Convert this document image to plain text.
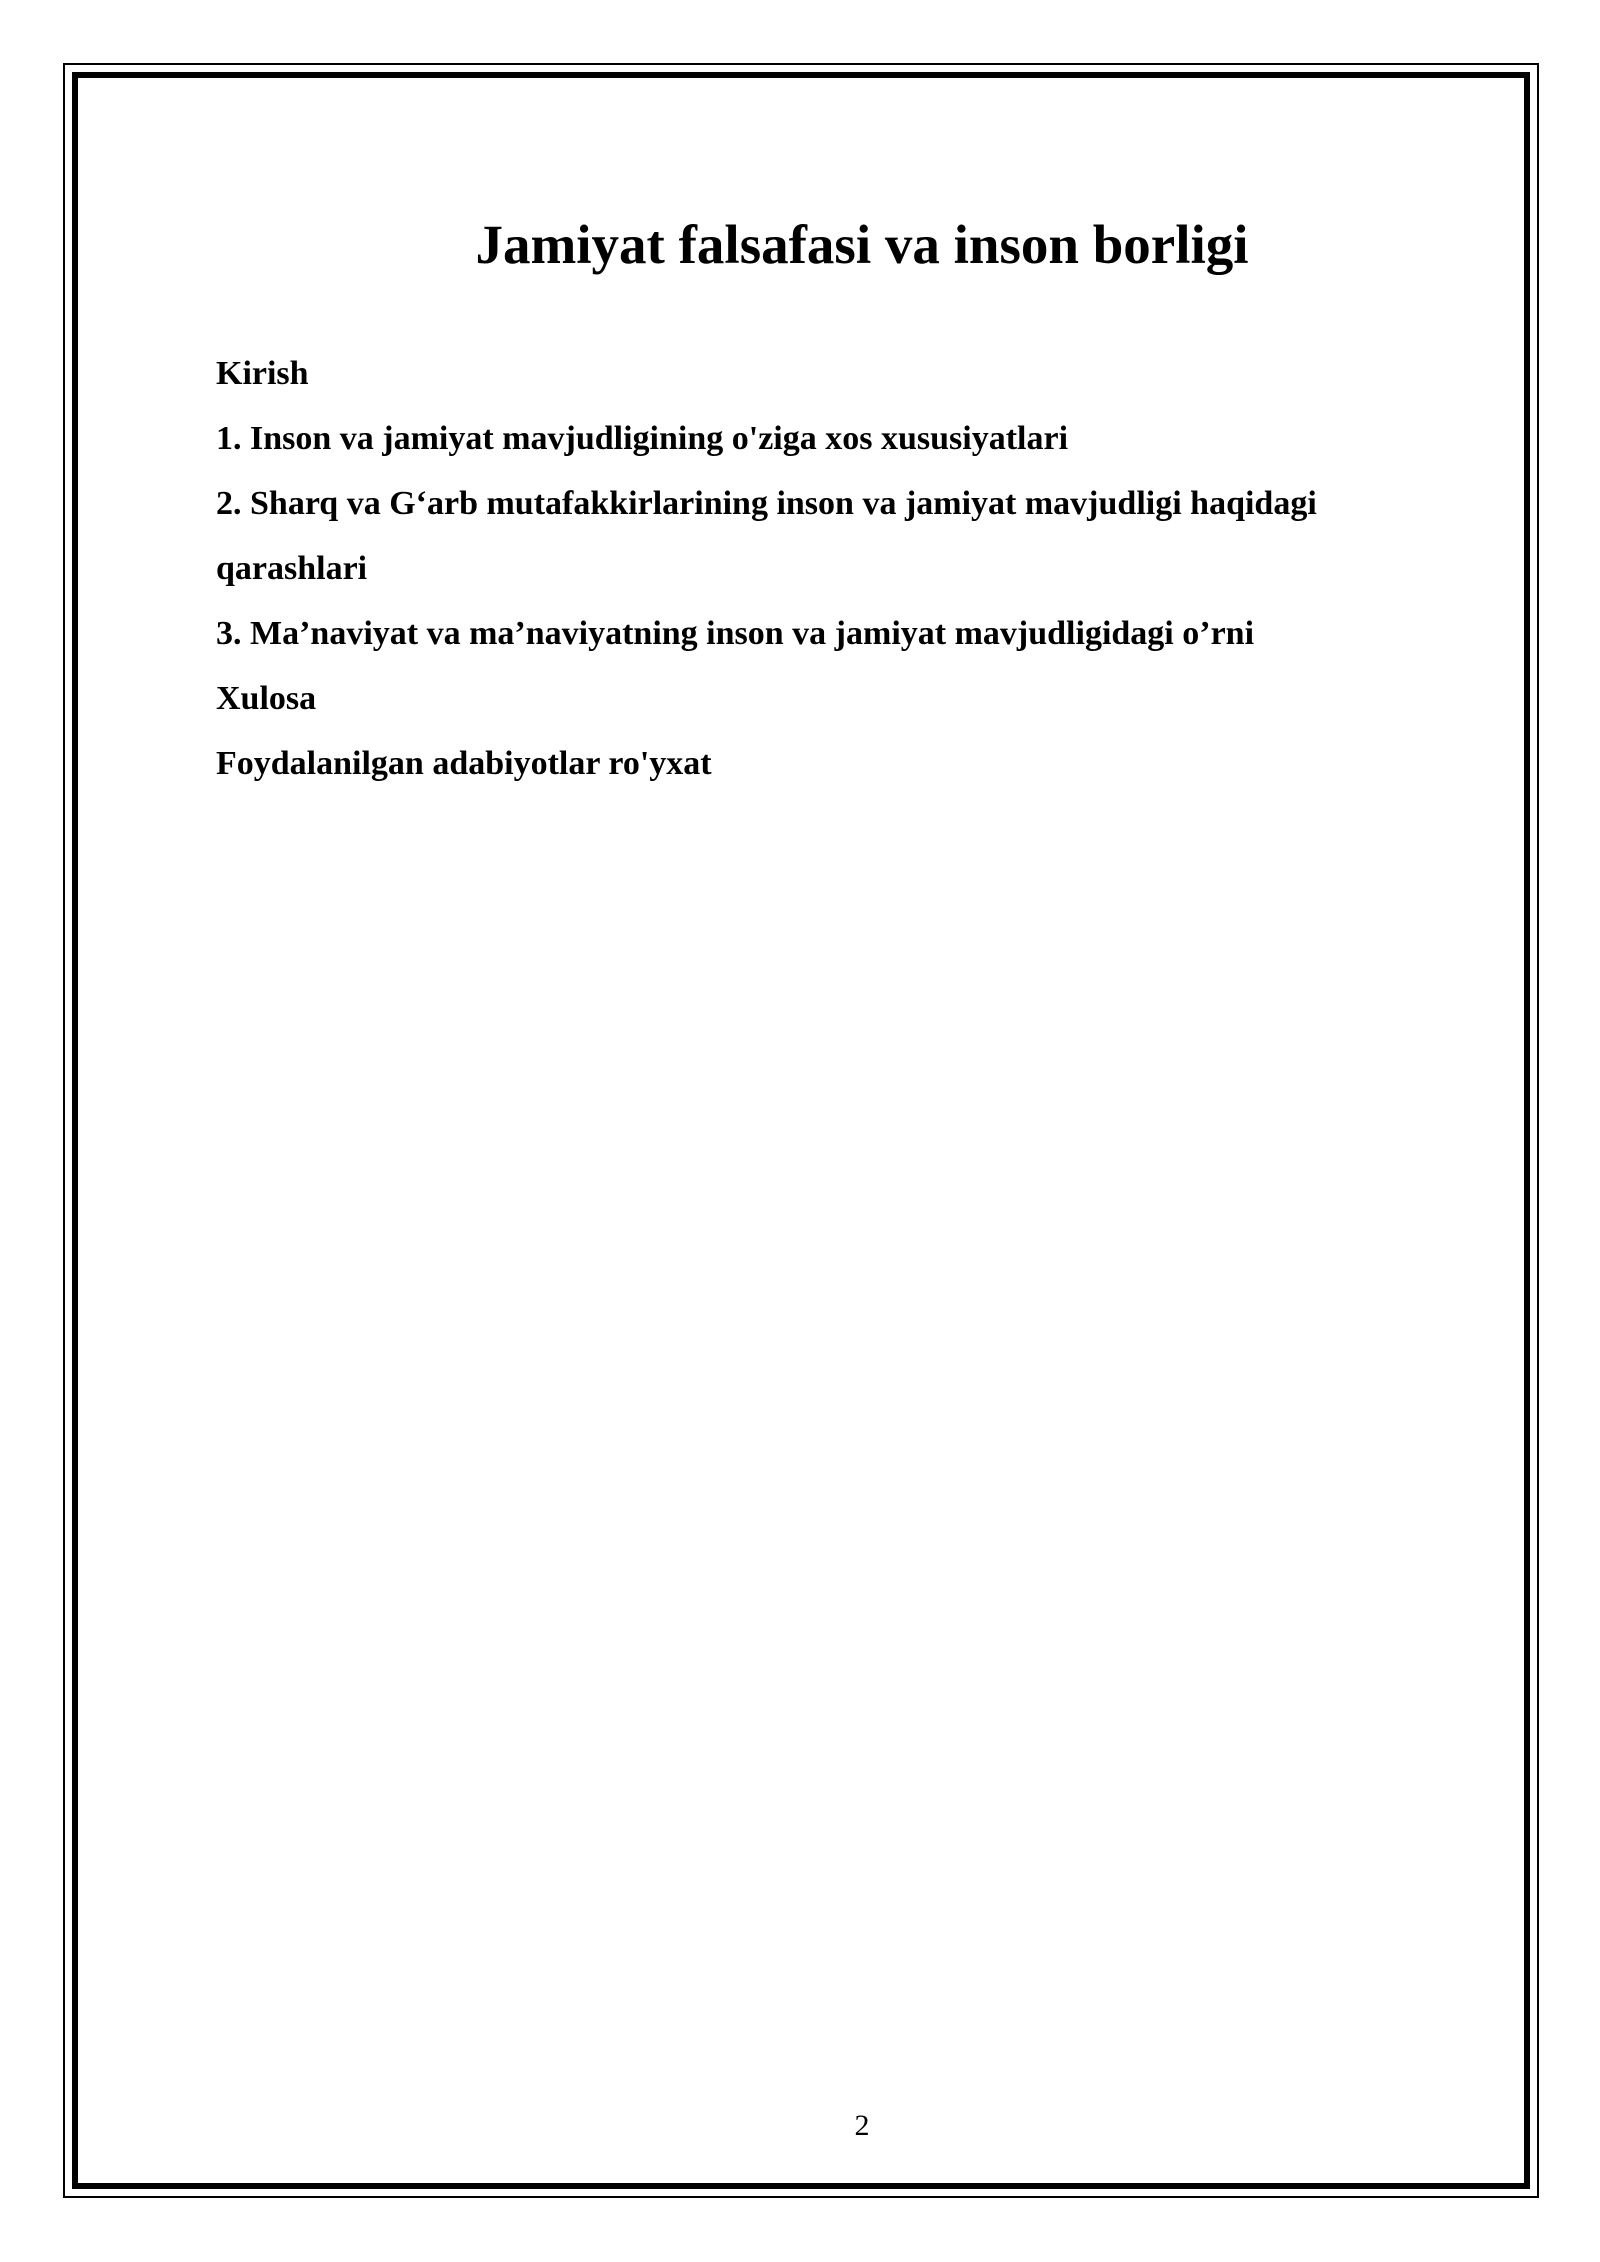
Jamiyat falsafasi va inson borligi
Kirish
1. Inson va jamiyat mavjudligining o'ziga xos xususiyatlari
2. Sharq va G‘arb mutafakkirlarining inson va jamiyat mavjudligi haqidagi qarashlari
3. Ma’naviyat va ma’naviyatning inson va jamiyat mavjudligidagi o’rni
Xulosa
Foydalanilgan adabiyotlar ro'yxat
2
